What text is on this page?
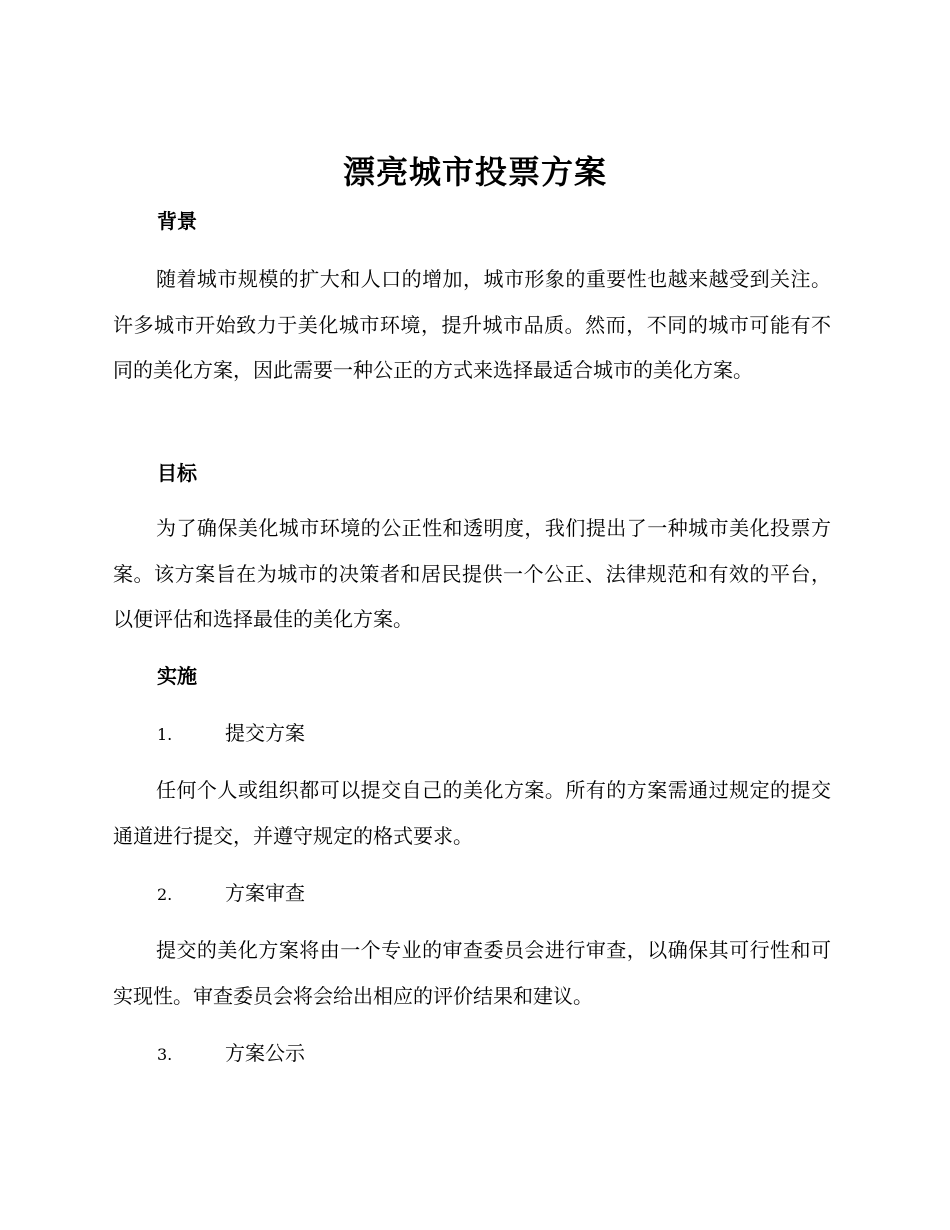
漂亮城市投票方案
背景
随着城市规模的扩大和人口的增加，城市形象的重要性也越来越受到关注。许多城市开始致力于美化城市环境，提升城市品质。然而，不同的城市可能有不同的美化方案，因此需要一种公正的方式来选择最适合城市的美化方案。
目标
为了确保美化城市环境的公正性和透明度，我们提出了一种城市美化投票方案。该方案旨在为城市的决策者和居民提供一个公正、法律规范和有效的平台，以便评估和选择最佳的美化方案。
实施
1.	提交方案
任何个人或组织都可以提交自己的美化方案。所有的方案需通过规定的提交通道进行提交，并遵守规定的格式要求。
2.	方案审查
提交的美化方案将由一个专业的审查委员会进行审查，以确保其可行性和可实现性。审查委员会将会给出相应的评价结果和建议。
3.	方案公示
